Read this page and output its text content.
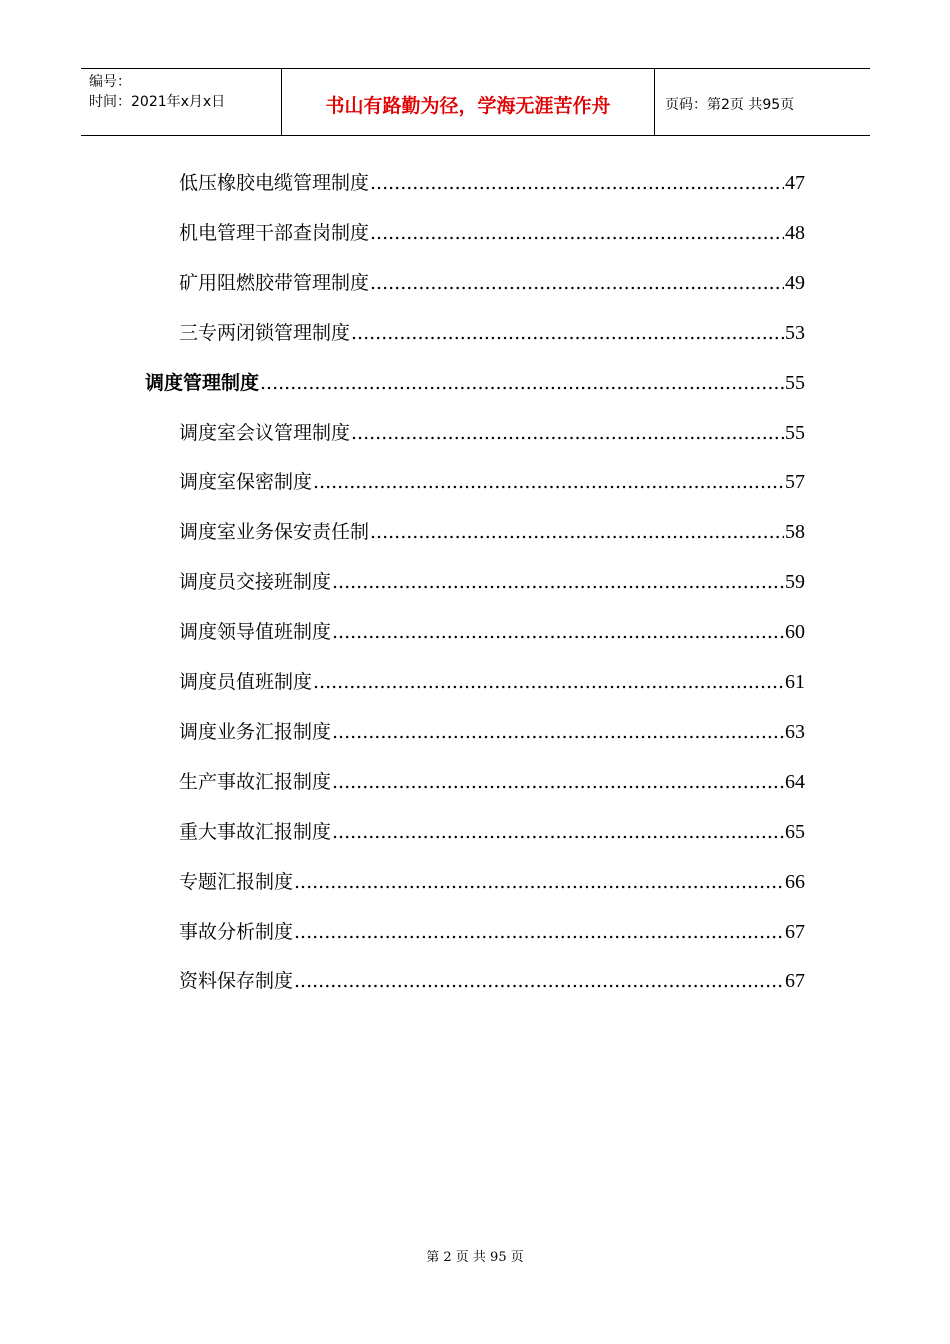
编号：
时间：2021年x月x日	书山有路勤为径，学海无涯苦作舟	页码：第2页 共95页
低压橡胶电缆管理制度 .....	47
机电管理干部查岗制度 .....	48
矿用阻燃胶带管理制度 .....	49
三专两闭锁管理制度 .....	53
调度管理制度 .....	55
调度室会议管理制度 .....	55
调度室保密制度 .....	57
调度室业务保安责任制 .....	58
调度员交接班制度 .....	59
调度领导值班制度 .....	60
调度员值班制度 .....	61
调度业务汇报制度 .....	63
生产事故汇报制度 .....	64
重大事故汇报制度 .....	65
专题汇报制度 .....	66
事故分析制度 .....	67
资料保存制度 .....	67
第 2 页 共 95 页
